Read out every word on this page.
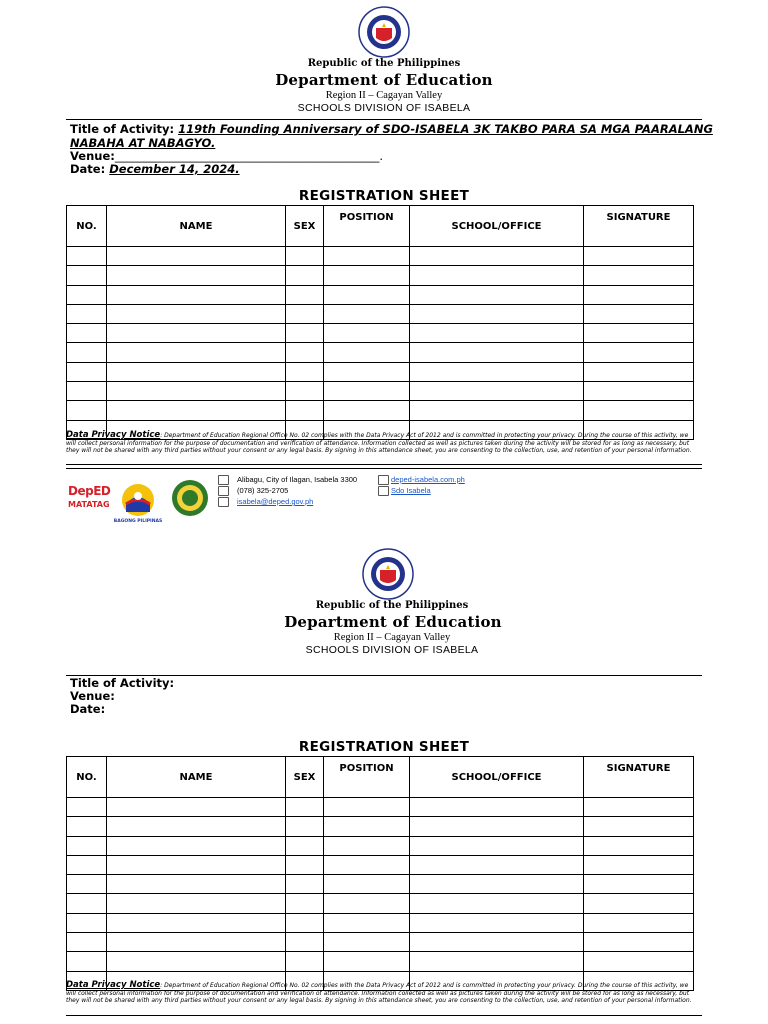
Republic of the Philippines
Department of Education
Region II – Cagayan Valley
SCHOOLS DIVISION OF ISABELA
Title of Activity: 119th Founding Anniversary of SDO-ISABELA 3K TAKBO PARA SA MGA PAARALANG
NABAHA AT NABAGYO.
Venue:______________________________________________.
Date: December 14, 2024.
REGISTRATION SHEET
NO.	NAME	SEX	POSITION	SCHOOL/OFFICE	SIGNATURE

Data Privacy Notice: Department of Education Regional Office No. 02 complies with the Data Privacy Act of 2012 and is committed in protecting your privacy. During the course of this activity, we will collect personal information for the purpose of documentation and verification of attendance. Information collected as well as pictures taken during the activity will be stored for as long as necessary, but they will not be shared with any third parties without your consent or any legal basis. By signing in this attendance sheet, you are consenting to the collection, use, and retention of your personal information.
DepED
MATATAG
BAGONG PILIPINAS
Alibagu, City of Ilagan, Isabela 3300
(078) 325-2705
isabela@deped.gov.ph
deped-isabela.com.ph
Sdo Isabela
Republic of the Philippines
Department of Education
Region II – Cagayan Valley
SCHOOLS DIVISION OF ISABELA
Title of Activity:
Venue:
Date:
REGISTRATION SHEET
NO.	NAME	SEX	POSITION	SCHOOL/OFFICE	SIGNATURE

Data Privacy Notice: Department of Education Regional Office No. 02 complies with the Data Privacy Act of 2012 and is committed in protecting your privacy. During the course of this activity, we will collect personal information for the purpose of documentation and verification of attendance. Information collected as well as pictures taken during the activity will be stored for as long as necessary, but they will not be shared with any third parties without your consent or any legal basis. By signing in this attendance sheet, you are consenting to the collection, use, and retention of your personal information.
